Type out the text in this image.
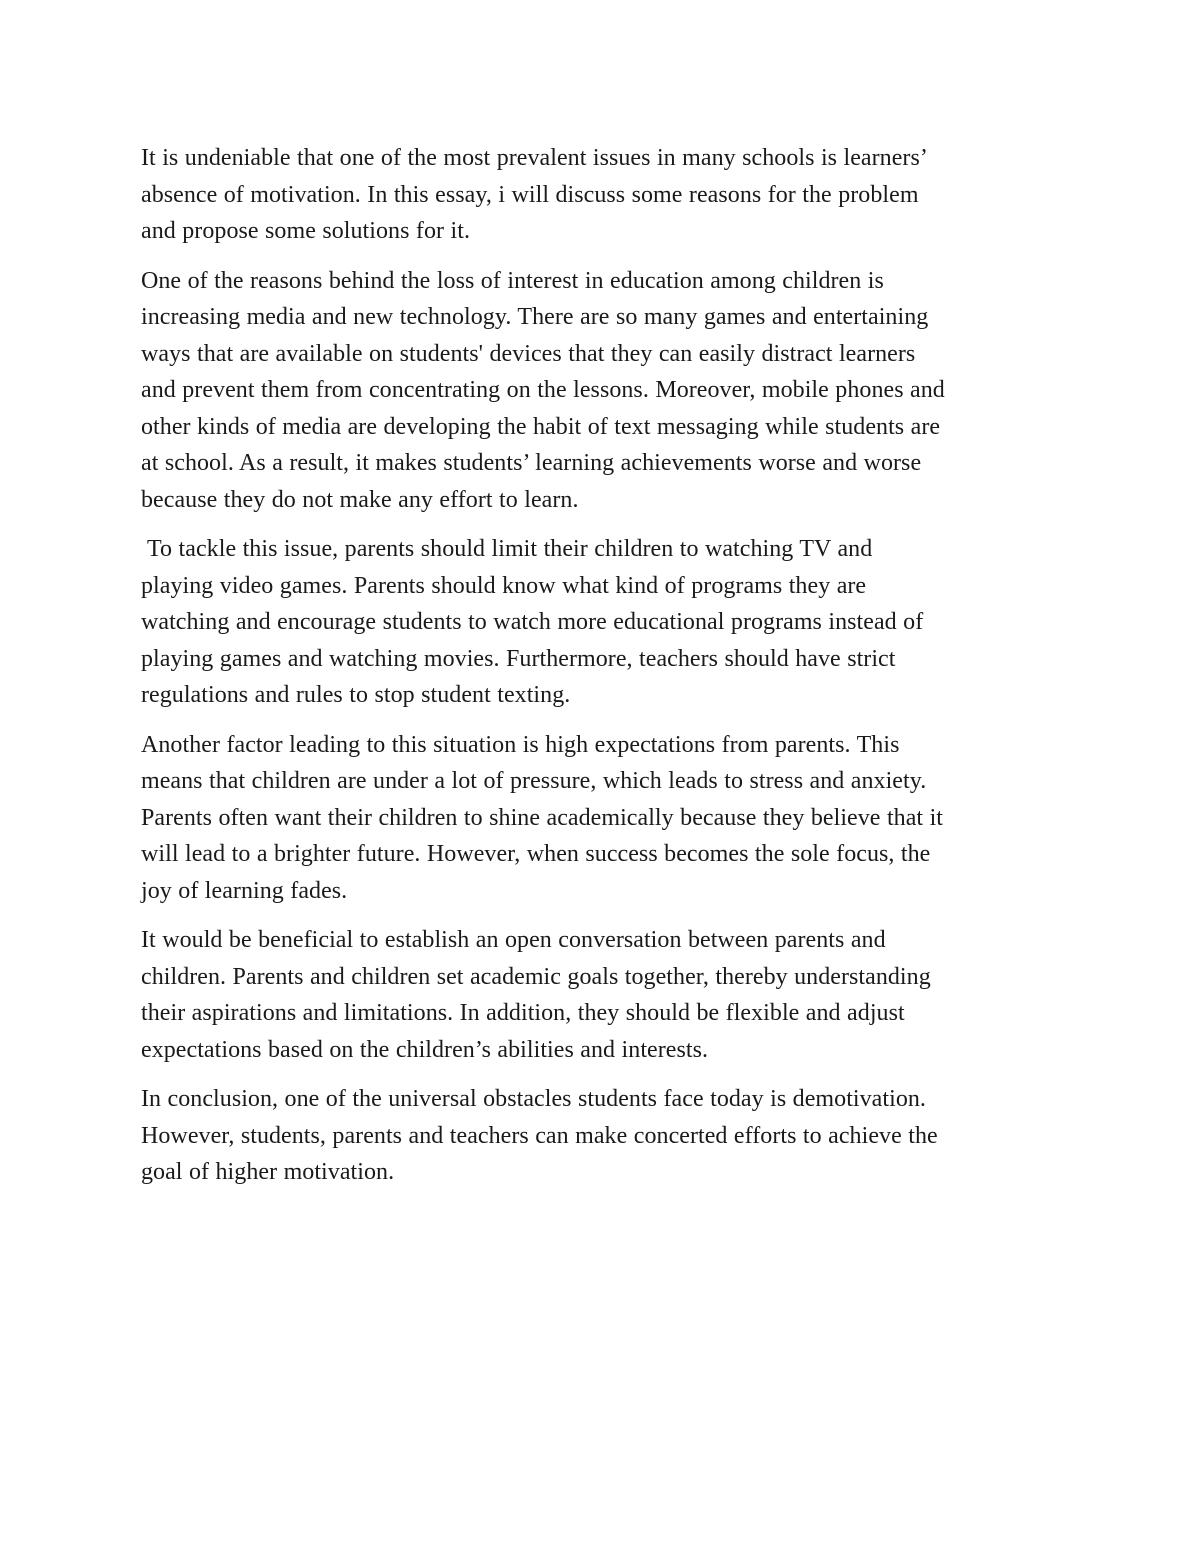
It is undeniable that one of the most prevalent issues in many schools is learners’
absence of motivation. In this essay, i will discuss some reasons for the problem
and propose some solutions for it.

One of the reasons behind the loss of interest in education among children is
increasing media and new technology. There are so many games and entertaining
ways that are available on students' devices that they can easily distract learners
and prevent them from concentrating on the lessons. Moreover, mobile phones and
other kinds of media are developing the habit of text messaging while students are
at school. As a result, it makes students’ learning achievements worse and worse
because they do not make any effort to learn.

To tackle this issue, parents should limit their children to watching TV and
playing video games. Parents should know what kind of programs they are
watching and encourage students to watch more educational programs instead of
playing games and watching movies. Furthermore, teachers should have strict
regulations and rules to stop student texting.

Another factor leading to this situation is high expectations from parents. This
means that children are under a lot of pressure, which leads to stress and anxiety.
Parents often want their children to shine academically because they believe that it
will lead to a brighter future. However, when success becomes the sole focus, the
joy of learning fades.

It would be beneficial to establish an open conversation between parents and
children. Parents and children set academic goals together, thereby understanding
their aspirations and limitations. In addition, they should be flexible and adjust
expectations based on the children’s abilities and interests.

In conclusion, one of the universal obstacles students face today is demotivation.
However, students, parents and teachers can make concerted efforts to achieve the
goal of higher motivation.
